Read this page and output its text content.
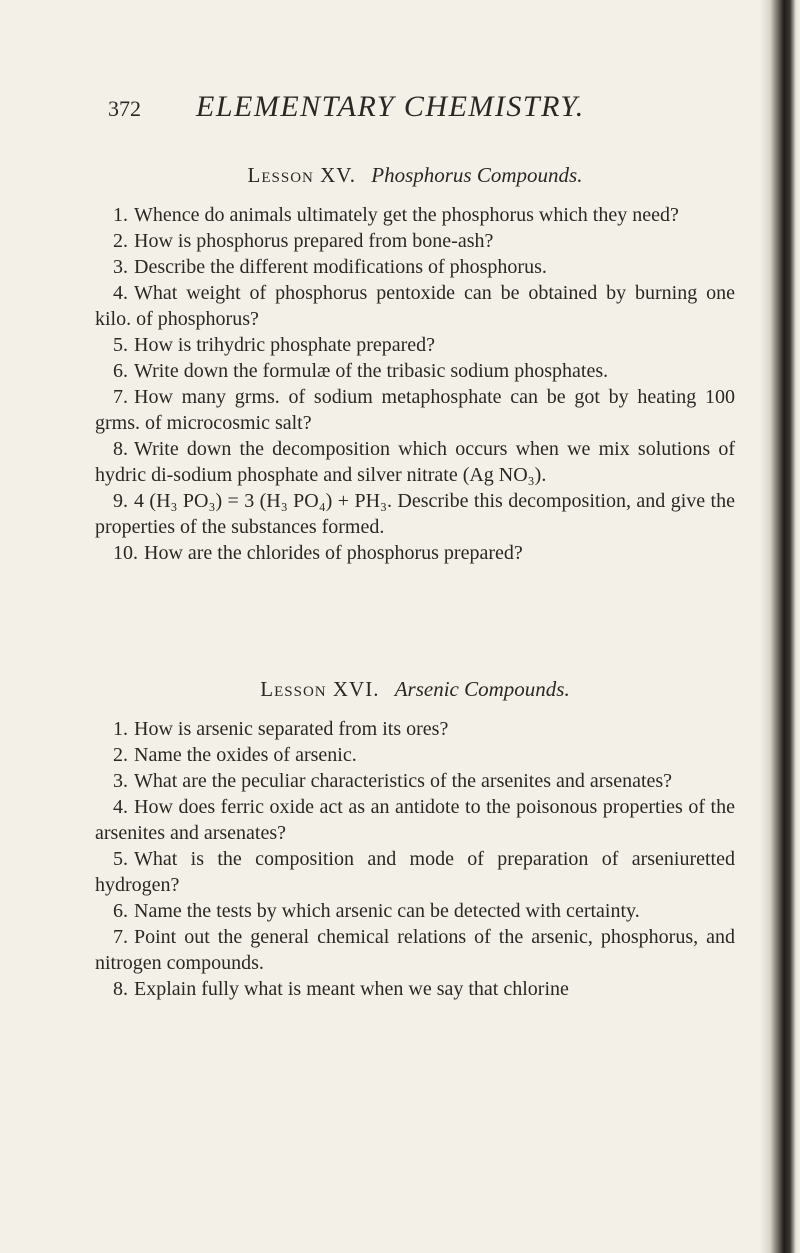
372 ELEMENTARY CHEMISTRY.
Lesson XV. Phosphorus Compounds.

1. Whence do animals ultimately get the phosphorus which they need?

2. How is phosphorus prepared from bone-ash?

3. Describe the different modifications of phosphorus.

4. What weight of phosphorus pentoxide can be obtained by burning one kilo. of phosphorus?

5. How is trihydric phosphate prepared?

6. Write down the formulæ of the tribasic sodium phosphates.

7. How many grms. of sodium metaphosphate can be got by heating 100 grms. of microcosmic salt?

8. Write down the decomposition which occurs when we mix solutions of hydric di-sodium phosphate and silver nitrate (Ag NO₃).

9. 4 (H₃ PO₃) = 3 (H₃ PO₄) + PH₃. Describe this decomposition, and give the properties of the substances formed.

10. How are the chlorides of phosphorus prepared?

Lesson XVI. Arsenic Compounds.

1. How is arsenic separated from its ores?

2. Name the oxides of arsenic.

3. What are the peculiar characteristics of the arsenites and arsenates?

4. How does ferric oxide act as an antidote to the poisonous properties of the arsenites and arsenates?

5. What is the composition and mode of preparation of arseniuretted hydrogen?

6. Name the tests by which arsenic can be detected with certainty.

7. Point out the general chemical relations of the arsenic, phosphorus, and nitrogen compounds.

8. Explain fully what is meant when we say that chlorine
